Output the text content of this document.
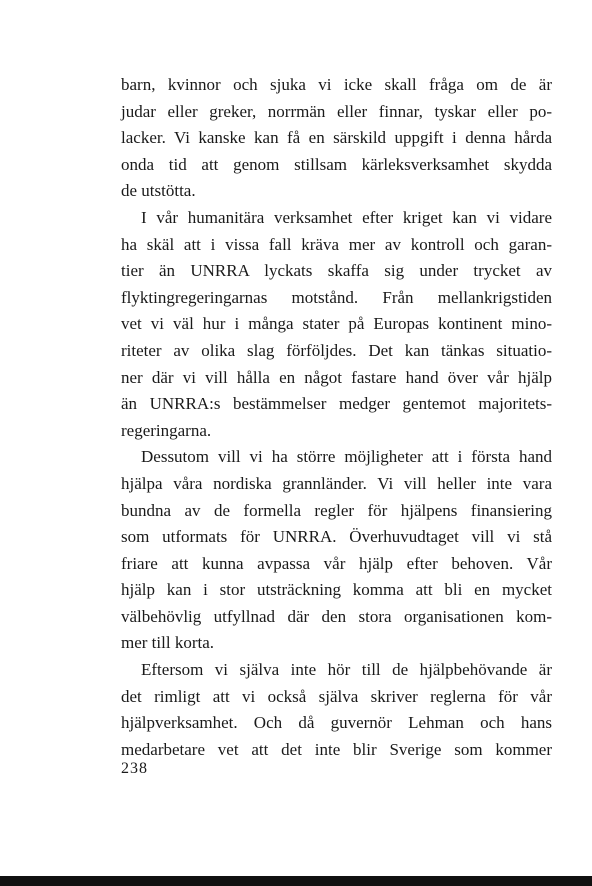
barn, kvinnor och sjuka vi icke skall fråga om de är
judar eller greker, norrmän eller finnar, tyskar eller po-
lacker. Vi kanske kan få en särskild uppgift i denna hårda
onda tid att genom stillsam kärleksverksamhet skydda
de utstötta.

I vår humanitära verksamhet efter kriget kan vi vidare
ha skäl att i vissa fall kräva mer av kontroll och garan-
tier än UNRRA lyckats skaffa sig under trycket av
flyktingregeringarnas motstånd. Från mellankrigstiden
vet vi väl hur i många stater på Europas kontinent mino-
riteter av olika slag förföljdes. Det kan tänkas situatio-
ner där vi vill hålla en något fastare hand över vår hjälp
än UNRRA:s bestämmelser medger gentemot majoritets-
regeringarna.

Dessutom vill vi ha större möjligheter att i första hand
hjälpa våra nordiska grannländer. Vi vill heller inte vara
bundna av de formella regler för hjälpens finansiering
som utformats för UNRRA. Överhuvudtaget vill vi stå
friare att kunna avpassa vår hjälp efter behoven. Vår
hjälp kan i stor utsträckning komma att bli en mycket
välbehövlig utfyllnad där den stora organisationen kom-
mer till korta.

Eftersom vi själva inte hör till de hjälpbehövande är
det rimligt att vi också själva skriver reglerna för vår
hjälpverksamhet. Och då guvernör Lehman och hans
medarbetare vet att det inte blir Sverige som kommer

238
